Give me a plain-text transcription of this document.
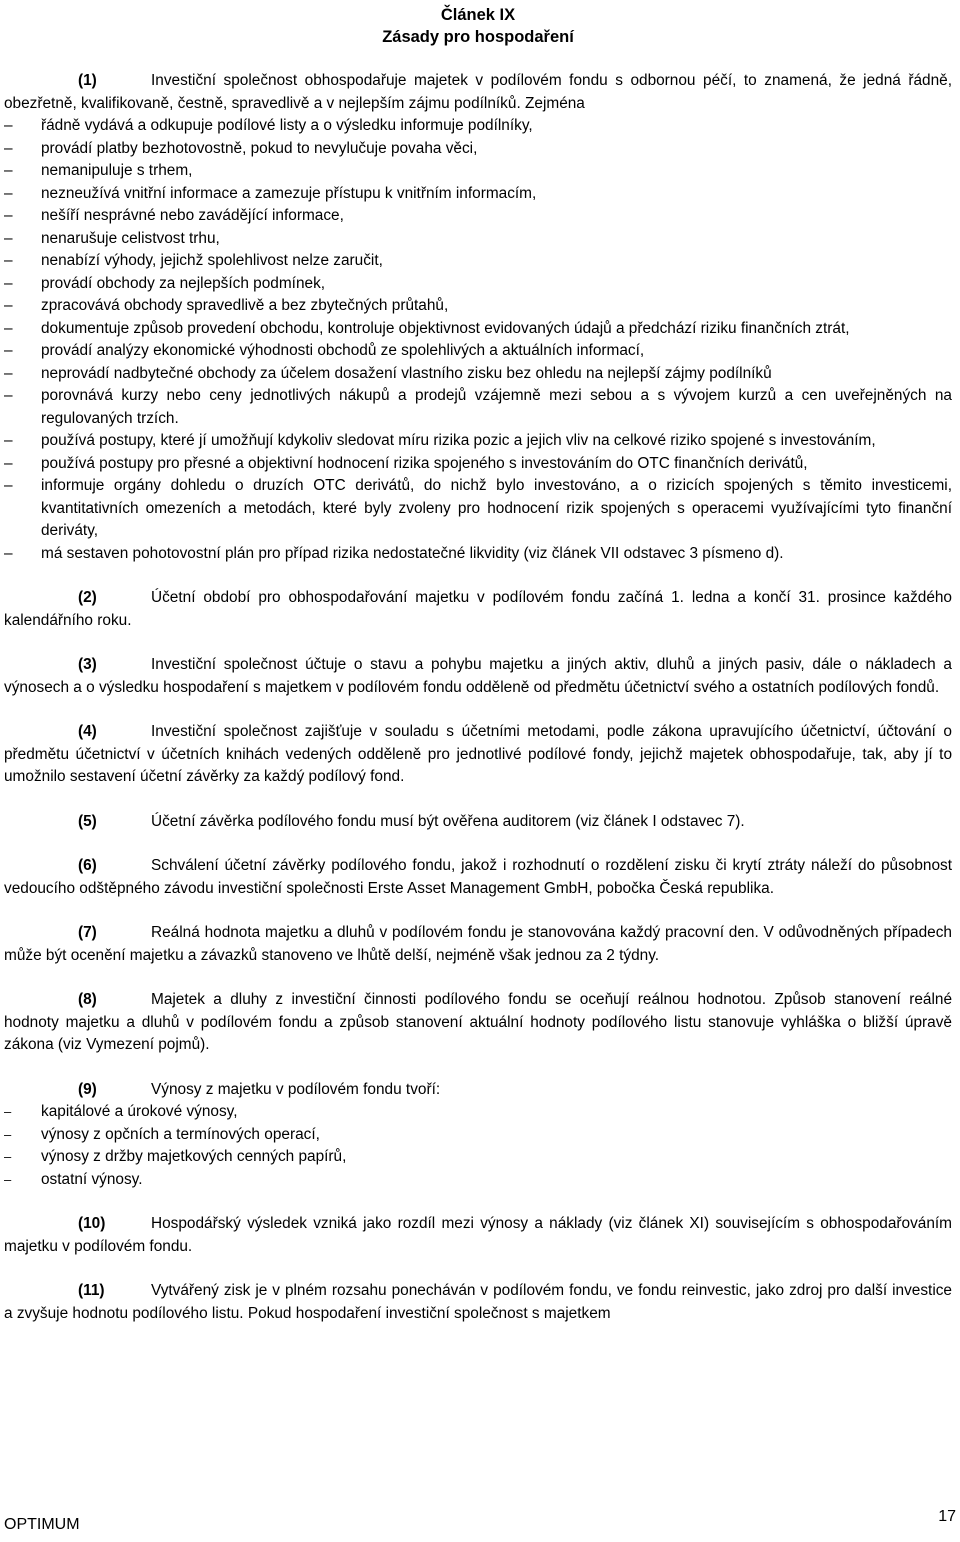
Článek IX
Zásady pro hospodaření

(1)	Investiční společnost obhospodařuje majetek v podílovém fondu s odbornou péčí, to znamená, že jedná řádně, obezřetně, kvalifikovaně, čestně, spravedlivě a v nejlepším zájmu podílníků. Zejména

–	řádně vydává a odkupuje podílové listy a o výsledku informuje podílníky,
–	provádí platby bezhotovostně, pokud to nevylučuje povaha věci,
–	nemanipuluje s trhem,
–	nezneužívá vnitřní informace a zamezuje přístupu k vnitřním informacím,
–	nešíří nesprávné nebo zavádějící informace,
–	nenarušuje celistvost trhu,
–	nenabízí výhody, jejichž spolehlivost nelze zaručit,
–	provádí obchody za nejlepších podmínek,
–	zpracovává obchody spravedlivě a bez zbytečných průtahů,
–	dokumentuje způsob provedení obchodu, kontroluje objektivnost evidovaných údajů a předchází riziku finančních ztrát,
–	provádí analýzy ekonomické výhodnosti obchodů ze spolehlivých a aktuálních informací,
–	neprovádí nadbytečné obchody za účelem dosažení vlastního zisku bez ohledu na nejlepší zájmy podílníků
–	porovnává kurzy nebo ceny jednotlivých nákupů a prodejů vzájemně mezi sebou a s vývojem kurzů a cen uveřejněných na regulovaných trzích.
–	používá postupy, které jí umožňují kdykoliv sledovat míru rizika pozic a jejich vliv na celkové riziko spojené s investováním,
–	používá postupy pro přesné a objektivní hodnocení rizika spojeného s investováním do OTC finančních derivátů,
–	informuje orgány dohledu o druzích OTC derivátů, do nichž bylo investováno, a o rizicích spojených s těmito investicemi, kvantitativních omezeních a metodách, které byly zvoleny pro hodnocení rizik spojených s operacemi využívajícími tyto finanční deriváty,
–	má sestaven pohotovostní plán pro případ rizika nedostatečné likvidity (viz článek VII odstavec 3 písmeno d).

(2)	Účetní období pro obhospodařování majetku v podílovém fondu začíná 1. ledna a končí 31. prosince každého kalendářního roku.

(3)	Investiční společnost účtuje o stavu a pohybu majetku a jiných aktiv, dluhů a jiných pasiv, dále o nákladech a výnosech a o výsledku hospodaření s majetkem v podílovém fondu odděleně od předmětu účetnictví svého a ostatních podílových fondů.

(4)	Investiční společnost zajišťuje v souladu s účetními metodami, podle zákona upravujícího účetnictví, účtování o předmětu účetnictví v účetních knihách vedených odděleně pro jednotlivé podílové fondy, jejichž majetek obhospodařuje, tak, aby jí to umožnilo sestavení účetní závěrky za každý podílový fond.

(5)	Účetní závěrka podílového fondu musí být ověřena auditorem (viz článek I odstavec 7).

(6)	Schválení účetní závěrky podílového fondu, jakož i rozhodnutí o rozdělení zisku či krytí ztráty náleží do působnost vedoucího odštěpného závodu investiční společnosti Erste Asset Management GmbH, pobočka Česká republika.

(7)	Reálná hodnota majetku a dluhů v podílovém fondu je stanovována každý pracovní den. V odůvodněných případech může být ocenění majetku a závazků stanoveno ve lhůtě delší, nejméně však jednou za 2 týdny.

(8)	Majetek a dluhy z investiční činnosti podílového fondu se oceňují reálnou hodnotou. Způsob stanovení reálné hodnoty majetku a dluhů v podílovém fondu a způsob stanovení aktuální hodnoty podílového listu stanovuje vyhláška o bližší úpravě zákona (viz Vymezení pojmů).

(9)	Výnosy z majetku v podílovém fondu tvoří:

–	kapitálové a úrokové výnosy,
–	výnosy z opčních a termínových operací,
–	výnosy z držby majetkových cenných papírů,
–	ostatní výnosy.

(10)	Hospodářský výsledek vzniká jako rozdíl mezi výnosy a náklady (viz článek XI) souvisejícím s obhospodařováním majetku v podílovém fondu.

(11)	Vytvářený zisk je v plném rozsahu ponecháván v podílovém fondu, ve fondu reinvestic, jako zdroj pro další investice a zvyšuje hodnotu podílového listu. Pokud hospodaření investiční společnost s majetkem

OPTIMUM	17
